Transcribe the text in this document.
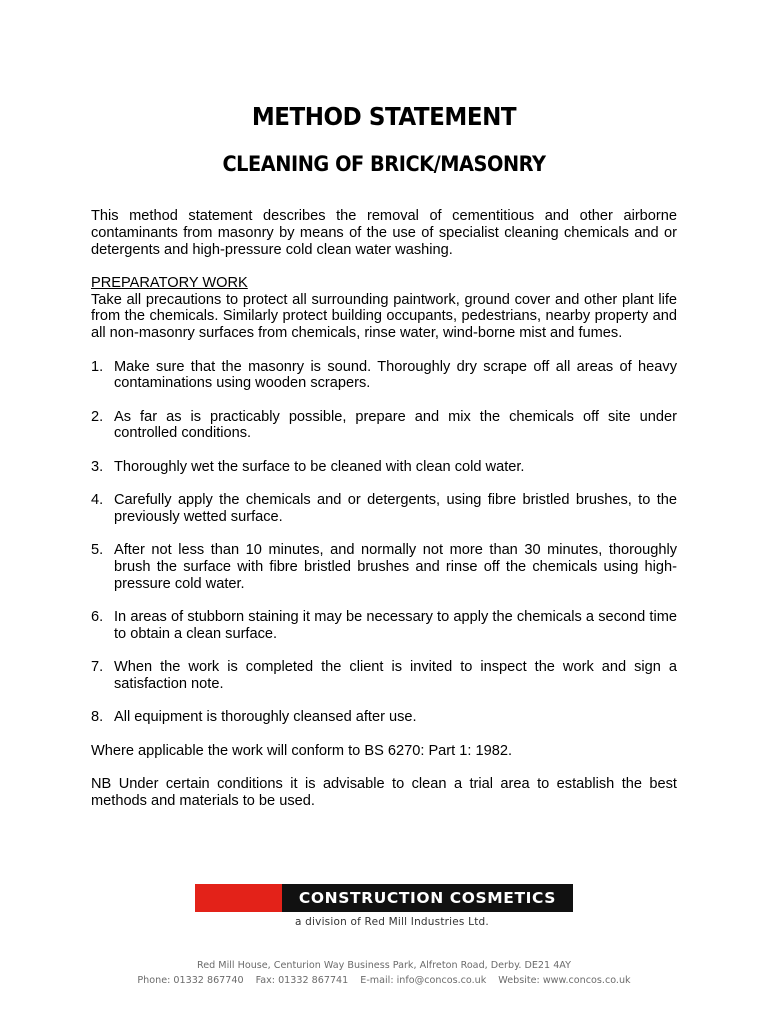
METHOD STATEMENT
CLEANING OF BRICK/MASONRY

This method statement describes the removal of cementitious and other airborne contaminants from masonry by means of the use of specialist cleaning chemicals and or detergents and high-pressure cold clean water washing.

PREPARATORY WORK

Take all precautions to protect all surrounding paintwork, ground cover and other plant life from the chemicals. Similarly protect building occupants, pedestrians, nearby property and all non-masonry surfaces from chemicals, rinse water, wind-borne mist and fumes.

1. Make sure that the masonry is sound. Thoroughly dry scrape off all areas of heavy contaminations using wooden scrapers.
2. As far as is practicably possible, prepare and mix the chemicals off site under controlled conditions.
3. Thoroughly wet the surface to be cleaned with clean cold water.
4. Carefully apply the chemicals and or detergents, using fibre bristled brushes, to the previously wetted surface.
5. After not less than 10 minutes, and normally not more than 30 minutes, thoroughly brush the surface with fibre bristled brushes and rinse off the chemicals using high-pressure cold water.
6. In areas of stubborn staining it may be necessary to apply the chemicals a second time to obtain a clean surface.
7. When the work is completed the client is invited to inspect the work and sign a satisfaction note.
8. All equipment is thoroughly cleansed after use.

Where applicable the work will conform to BS 6270: Part 1: 1982.

NB Under certain conditions it is advisable to clean a trial area to establish the best methods and materials to be used.

CONSTRUCTION COSMETICS
a division of Red Mill Industries Ltd.
Red Mill House, Centurion Way Business Park, Alfreton Road, Derby. DE21 4AY
Phone: 01332 867740 Fax: 01332 867741 E-mail: info@concos.co.uk Website: www.concos.co.uk
